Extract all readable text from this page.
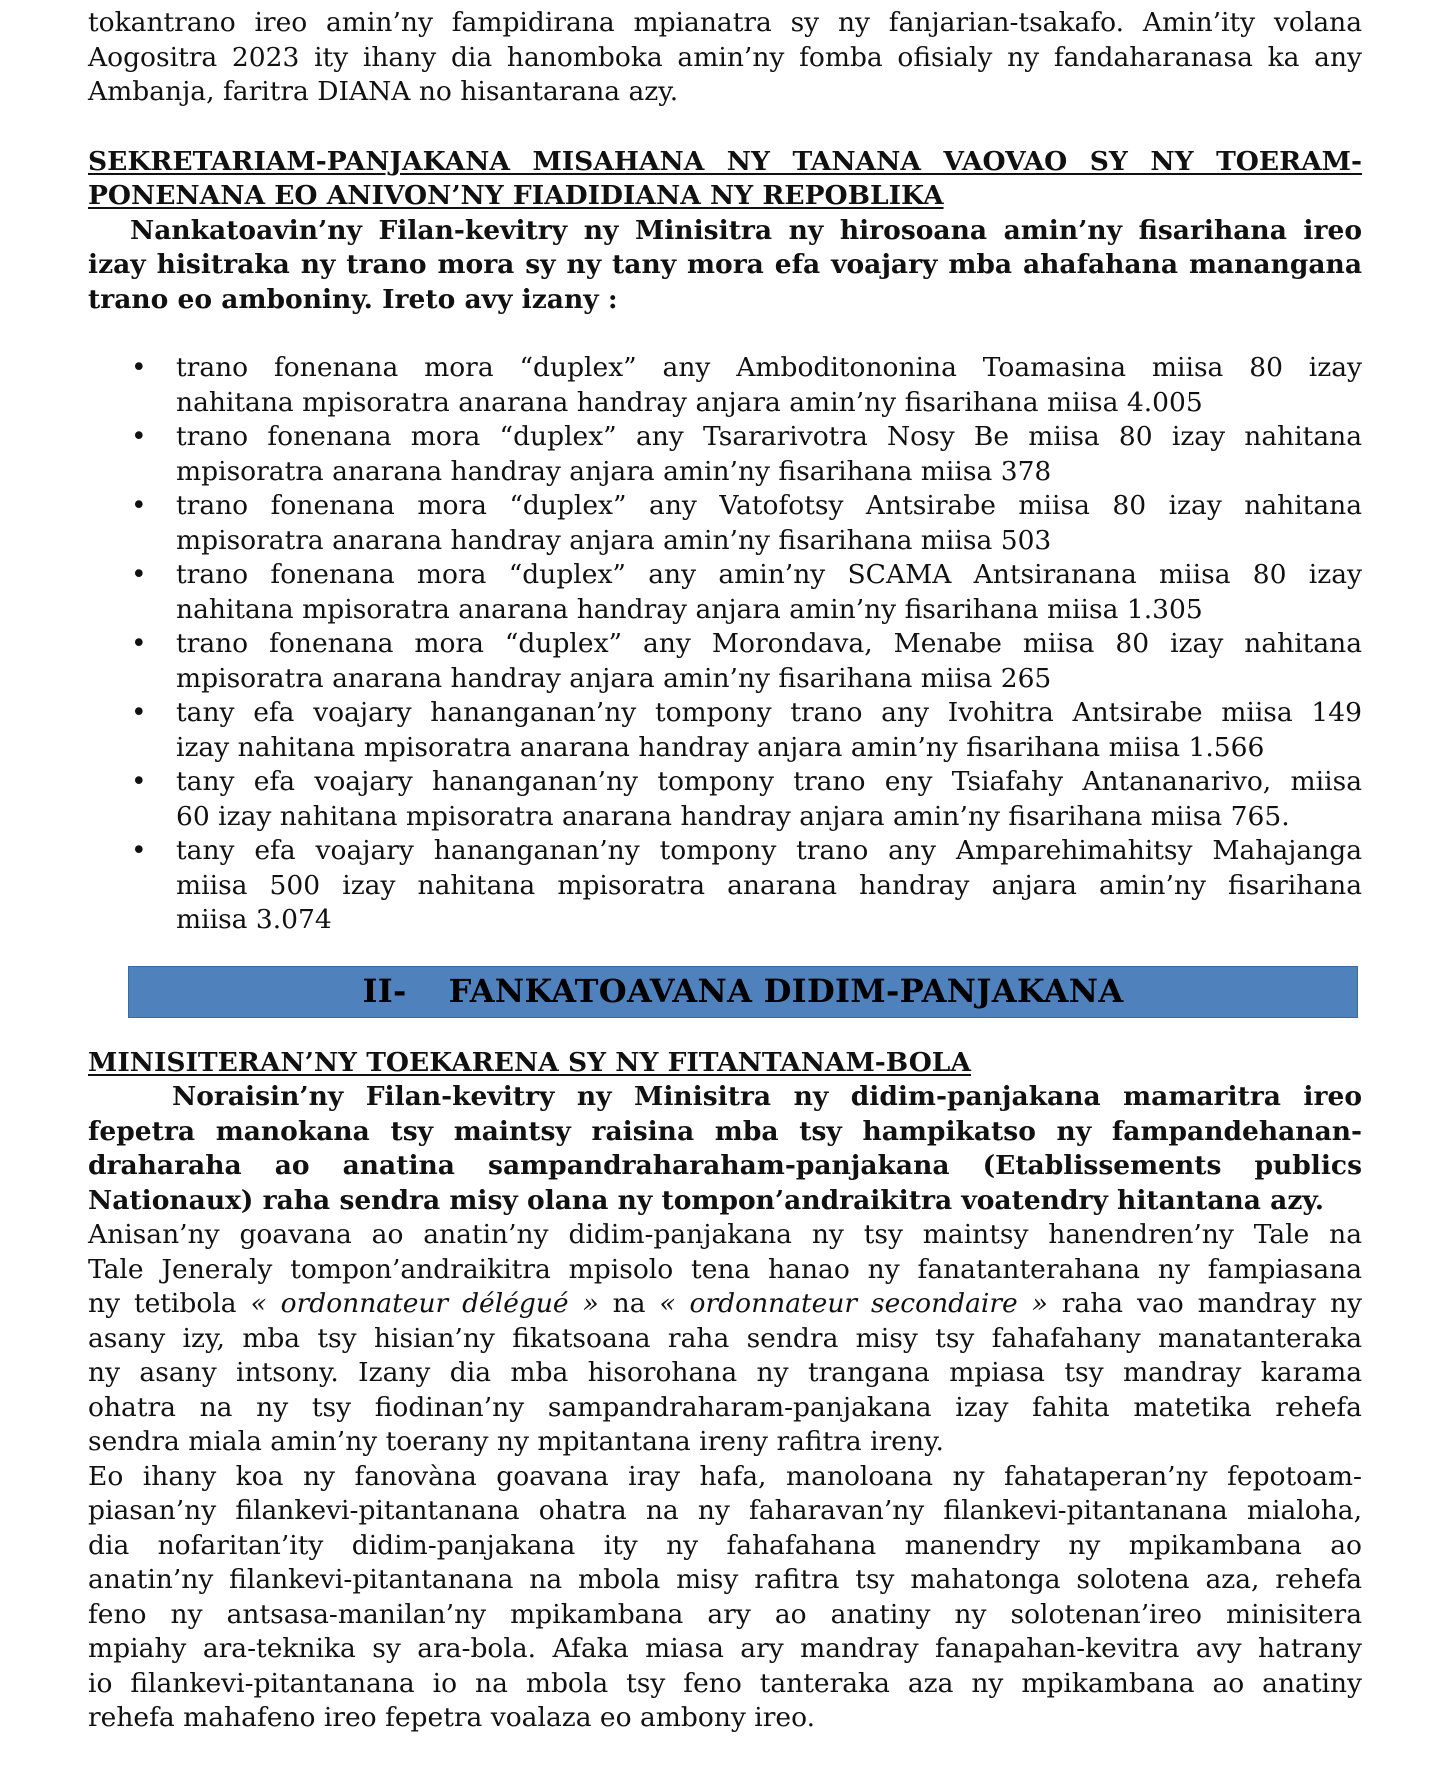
tokantrano ireo amin’ny fampidirana mpianatra sy ny fanjarian-tsakafo. Amin’ity volana

Aogositra 2023 ity ihany dia hanomboka amin’ny fomba ofisialy ny fandaharanasa ka any

Ambanja, faritra DIANA no hisantarana azy.

SEKRETARIAM-PANJAKANA MISAHANA NY TANANA VAOVAO SY NY TOERAM-

PONENANA EO ANIVON’NY FIADIDIANA NY REPOBLIKA

Nankatoavin’ny Filan-kevitry ny Minisitra ny hirosoana amin’ny fisarihana ireo

izay hisitraka ny trano mora sy ny tany mora efa voajary mba ahafahana manangana

trano eo amboniny. Ireto avy izany :

• trano fonenana mora “duplex” any Amboditononina Toamasina miisa 80 izay

nahitana mpisoratra anarana handray anjara amin’ny fisarihana miisa 4.005

• trano fonenana mora “duplex” any Tsararivotra Nosy Be miisa 80 izay nahitana

mpisoratra anarana handray anjara amin’ny fisarihana miisa 378

• trano fonenana mora “duplex” any Vatofotsy Antsirabe miisa 80 izay nahitana

mpisoratra anarana handray anjara amin’ny fisarihana miisa 503

• trano fonenana mora “duplex” any amin’ny SCAMA Antsiranana miisa 80 izay

nahitana mpisoratra anarana handray anjara amin’ny fisarihana miisa 1.305

• trano fonenana mora “duplex” any Morondava, Menabe miisa 80 izay nahitana

mpisoratra anarana handray anjara amin’ny fisarihana miisa 265

• tany efa voajary hananganan’ny tompony trano any Ivohitra Antsirabe miisa 149

izay nahitana mpisoratra anarana handray anjara amin’ny fisarihana miisa 1.566

• tany efa voajary hananganan’ny tompony trano eny Tsiafahy Antananarivo, miisa

60 izay nahitana mpisoratra anarana handray anjara amin’ny fisarihana miisa 765.

• tany efa voajary hananganan’ny tompony trano any Amparehimahitsy Mahajanga

miisa 500 izay nahitana mpisoratra anarana handray anjara amin’ny fisarihana

miisa 3.074

II- FANKATOAVANA DIDIM-PANJAKANA

MINISITERAN’NY TOEKARENA SY NY FITANTANAM-BOLA

Noraisin’ny Filan-kevitry ny Minisitra ny didim-panjakana mamaritra ireo

fepetra manokana tsy maintsy raisina mba tsy hampikatso ny fampandehanan-

draharaha ao anatina sampandraharaham-panjakana (Etablissements publics

Nationaux) raha sendra misy olana ny tompon’andraikitra voatendry hitantana azy.

Anisan’ny goavana ao anatin’ny didim-panjakana ny tsy maintsy hanendren’ny Tale na

Tale Jeneraly tompon’andraikitra mpisolo tena hanao ny fanatanterahana ny fampiasana

ny tetibola « ordonnateur délégué » na « ordonnateur secondaire » raha vao mandray ny

asany izy, mba tsy hisian’ny fikatsoana raha sendra misy tsy fahafahany manatanteraka

ny asany intsony. Izany dia mba hisorohana ny trangana mpiasa tsy mandray karama

ohatra na ny tsy fiodinan’ny sampandraharam-panjakana izay fahita matetika rehefa

sendra miala amin’ny toerany ny mpitantana ireny rafitra ireny.

Eo ihany koa ny fanovàna goavana iray hafa, manoloana ny fahataperan’ny fepotoam-

piasan’ny filankevi-pitantanana ohatra na ny faharavan’ny filankevi-pitantanana mialoha,

dia nofaritan’ity didim-panjakana ity ny fahafahana manendry ny mpikambana ao

anatin’ny filankevi-pitantanana na mbola misy rafitra tsy mahatonga solotena aza, rehefa

feno ny antsasa-manilan’ny mpikambana ary ao anatiny ny solotenan’ireo minisitera

mpiahy ara-teknika sy ara-bola. Afaka miasa ary mandray fanapahan-kevitra avy hatrany

io filankevi-pitantanana io na mbola tsy feno tanteraka aza ny mpikambana ao anatiny

rehefa mahafeno ireo fepetra voalaza eo ambony ireo.
